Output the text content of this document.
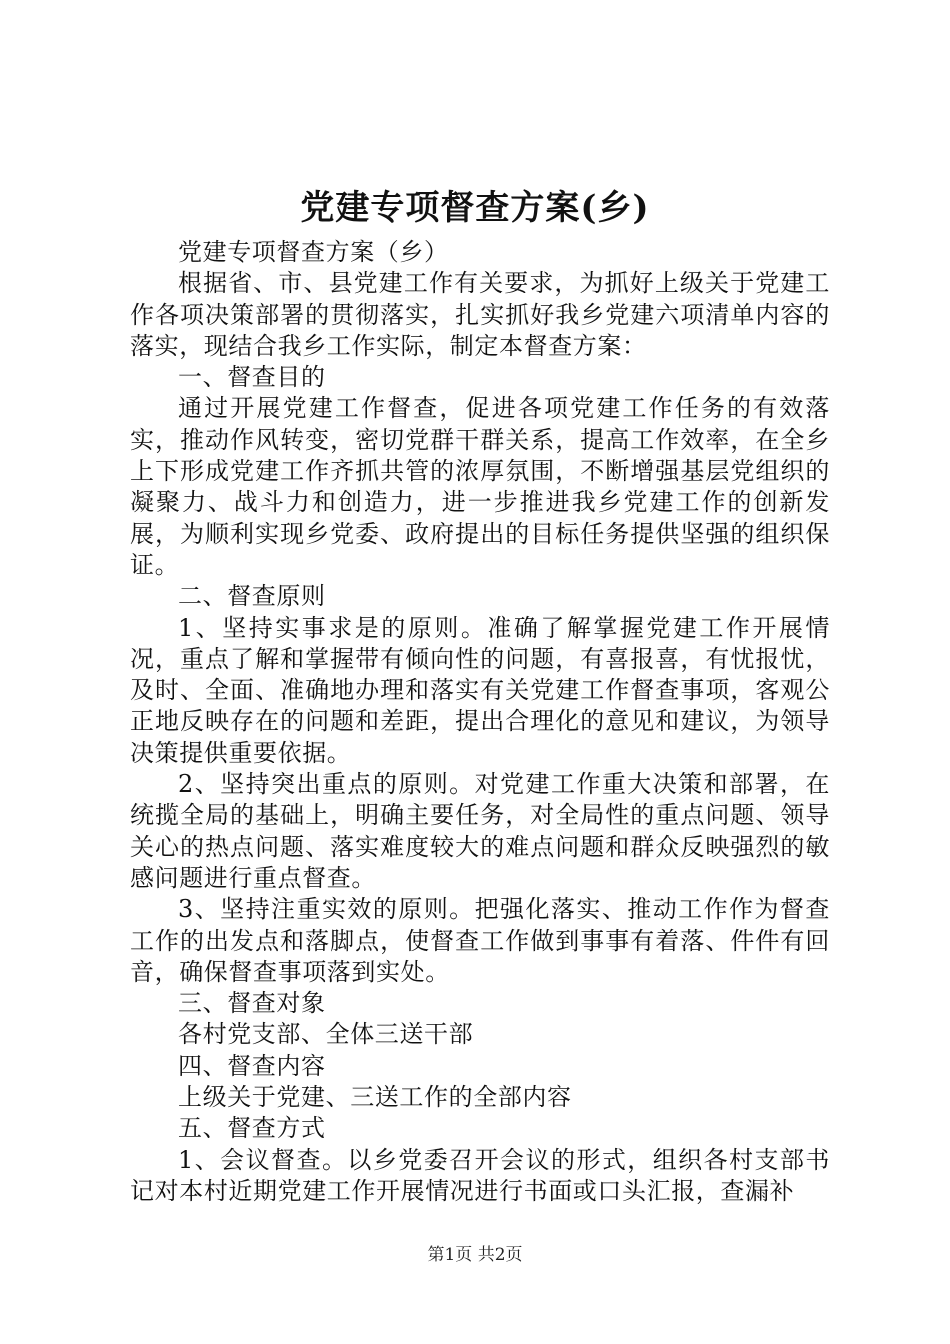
党建专项督查方案(乡)

党建专项督查方案（乡）

根据省、市、县党建工作有关要求，为抓好上级关于党建工作各项决策部署的贯彻落实，扎实抓好我乡党建六项清单内容的落实，现结合我乡工作实际，制定本督查方案：

一、督查目的

通过开展党建工作督查，促进各项党建工作任务的有效落实，推动作风转变，密切党群干群关系，提高工作效率，在全乡上下形成党建工作齐抓共管的浓厚氛围，不断增强基层党组织的凝聚力、战斗力和创造力，进一步推进我乡党建工作的创新发展，为顺利实现乡党委、政府提出的目标任务提供坚强的组织保证。

二、督查原则

1、坚持实事求是的原则。准确了解掌握党建工作开展情况，重点了解和掌握带有倾向性的问题，有喜报喜，有忧报忧，及时、全面、准确地办理和落实有关党建工作督查事项，客观公正地反映存在的问题和差距，提出合理化的意见和建议，为领导决策提供重要依据。

2、坚持突出重点的原则。对党建工作重大决策和部署，在统揽全局的基础上，明确主要任务，对全局性的重点问题、领导关心的热点问题、落实难度较大的难点问题和群众反映强烈的敏感问题进行重点督查。

3、坚持注重实效的原则。把强化落实、推动工作作为督查工作的出发点和落脚点，使督查工作做到事事有着落、件件有回音，确保督查事项落到实处。

三、督查对象

各村党支部、全体三送干部

四、督查内容

上级关于党建、三送工作的全部内容

五、督查方式

1、会议督查。以乡党委召开会议的形式，组织各村支部书记对本村近期党建工作开展情况进行书面或口头汇报，查漏补

第1页 共2页
